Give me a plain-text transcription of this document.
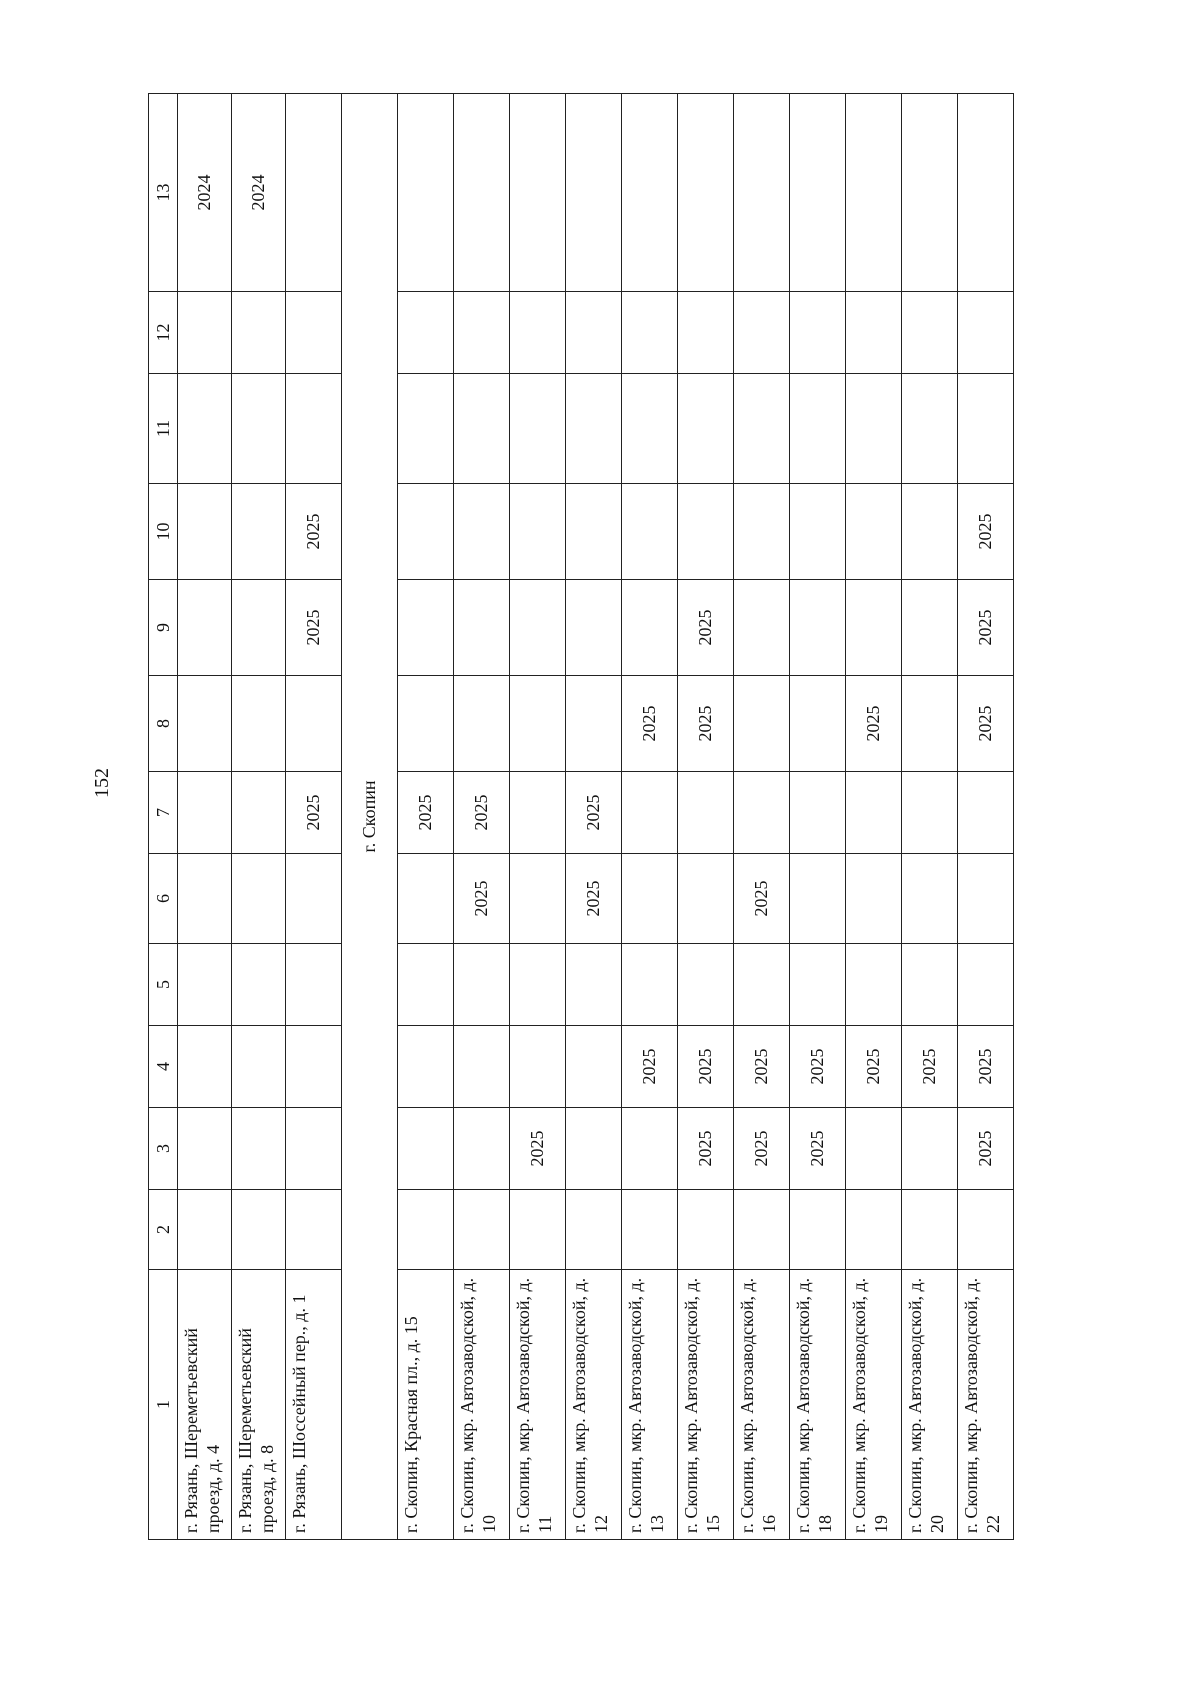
152
1	2	3	4	5	6	7	8	9	10	11	12	13
г. Рязань, Шереметьевский проезд, д. 4												2024
г. Рязань, Шереметьевский проезд, д. 8												2024
г. Рязань, Шоссейный пер., д. 1						2025		2025	2025			
г. Скопин												
г. Скопин, Красная пл., д. 15						2025						
г. Скопин, мкр. Автозаводской, д. 10					2025	2025						
г. Скопин, мкр. Автозаводской, д. 11		2025										
г. Скопин, мкр. Автозаводской, д. 12					2025	2025						
г. Скопин, мкр. Автозаводской, д. 13			2025				2025					
г. Скопин, мкр. Автозаводской, д. 15		2025	2025				2025	2025				
г. Скопин, мкр. Автозаводской, д. 16		2025	2025		2025							
г. Скопин, мкр. Автозаводской, д. 18		2025	2025									
г. Скопин, мкр. Автозаводской, д. 19			2025				2025					
г. Скопин, мкр. Автозаводской, д. 20			2025									
г. Скопин, мкр. Автозаводской, д. 22		2025	2025				2025	2025	2025			
